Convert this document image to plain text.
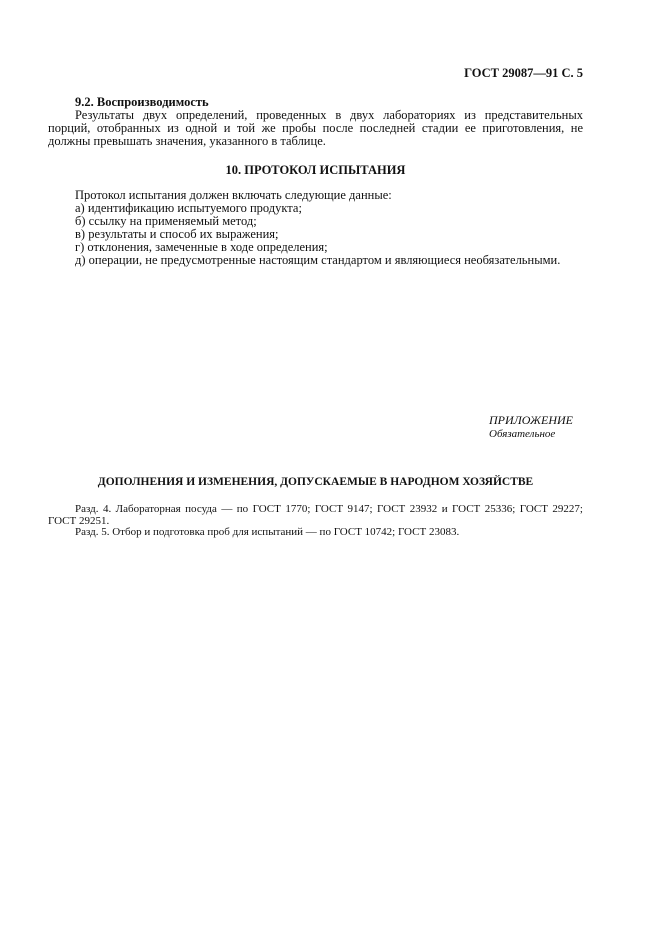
ГОСТ 29087—91 С. 5
9.2. Воспроизводимость
Результаты двух определений, проведенных в двух лабораториях из представительных порций, отобранных из одной и той же пробы после последней стадии ее приготовления, не должны превышать значения, указанного в таблице.
10. ПРОТОКОЛ ИСПЫТАНИЯ
Протокол испытания должен включать следующие данные:
а) идентификацию испытуемого продукта;
б) ссылку на применяемый метод;
в) результаты и способ их выражения;
г) отклонения, замеченные в ходе определения;
д) операции, не предусмотренные настоящим стандартом и являющиеся необязательными.
ПРИЛОЖЕНИЕ
Обязательное
ДОПОЛНЕНИЯ И ИЗМЕНЕНИЯ, ДОПУСКАЕМЫЕ В НАРОДНОМ ХОЗЯЙСТВЕ
Разд. 4. Лабораторная посуда — по ГОСТ 1770; ГОСТ 9147; ГОСТ 23932 и ГОСТ 25336; ГОСТ 29227; ГОСТ 29251.
Разд. 5. Отбор и подготовка проб для испытаний — по ГОСТ 10742; ГОСТ 23083.
